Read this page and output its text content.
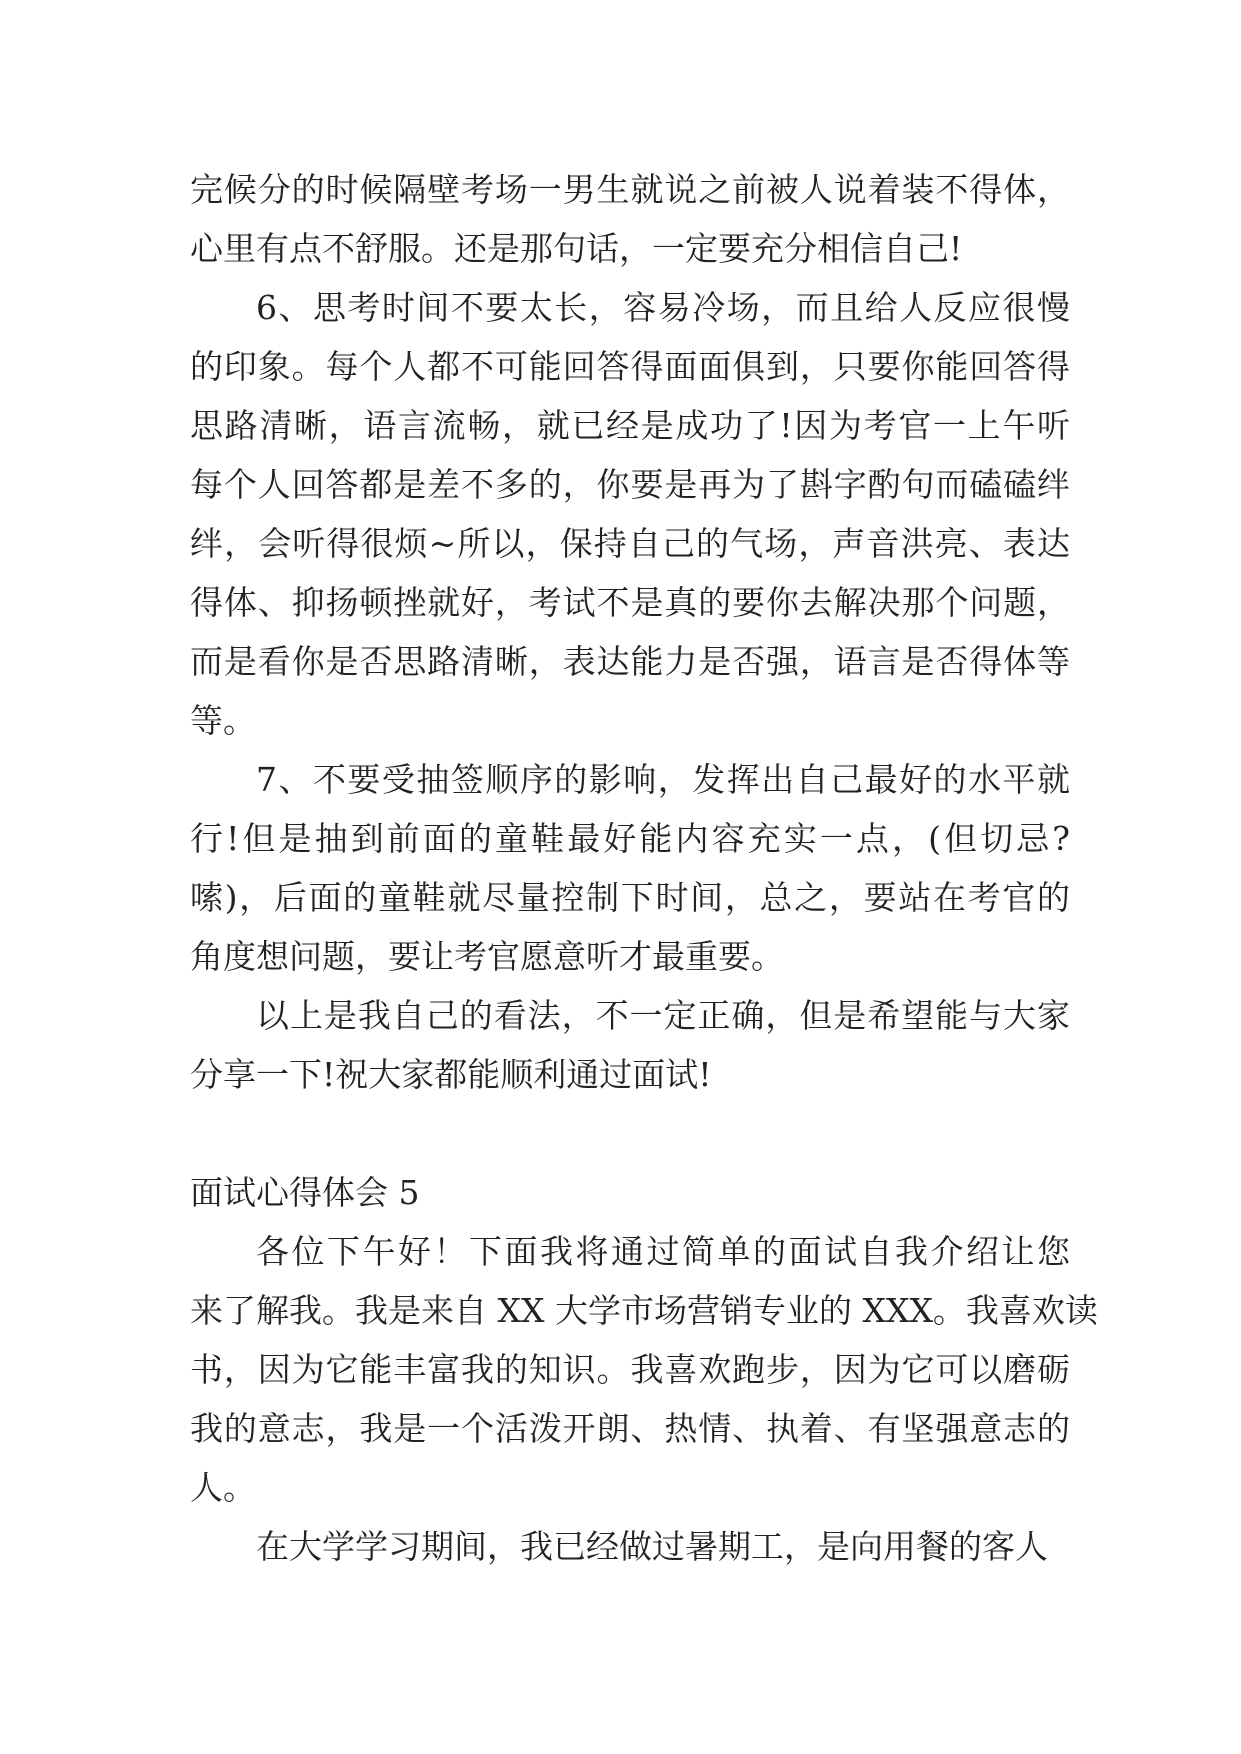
完候分的时候隔壁考场一男生就说之前被人说着装不得体，
心里有点不舒服。还是那句话，一定要充分相信自己!
6、思考时间不要太长，容易冷场，而且给人反应很慢
的印象。每个人都不可能回答得面面俱到，只要你能回答得
思路清晰，语言流畅，就已经是成功了!因为考官一上午听
每个人回答都是差不多的，你要是再为了斟字酌句而磕磕绊
绊，会听得很烦~所以，保持自己的气场，声音洪亮、表达
得体、抑扬顿挫就好，考试不是真的要你去解决那个问题，
而是看你是否思路清晰，表达能力是否强，语言是否得体等
等。
7、不要受抽签顺序的影响，发挥出自己最好的水平就
行!但是抽到前面的童鞋最好能内容充实一点，(但切忌?
嗦)，后面的童鞋就尽量控制下时间，总之，要站在考官的
角度想问题，要让考官愿意听才最重要。
以上是我自己的看法，不一定正确，但是希望能与大家
分享一下!祝大家都能顺利通过面试!
面试心得体会 5
各位下午好！下面我将通过简单的面试自我介绍让您
来了解我。我是来自 XX 大学市场营销专业的 XXX。我喜欢读
书，因为它能丰富我的知识。我喜欢跑步，因为它可以磨砺
我的意志，我是一个活泼开朗、热情、执着、有坚强意志的
人。
在大学学习期间，我已经做过暑期工，是向用餐的客人
